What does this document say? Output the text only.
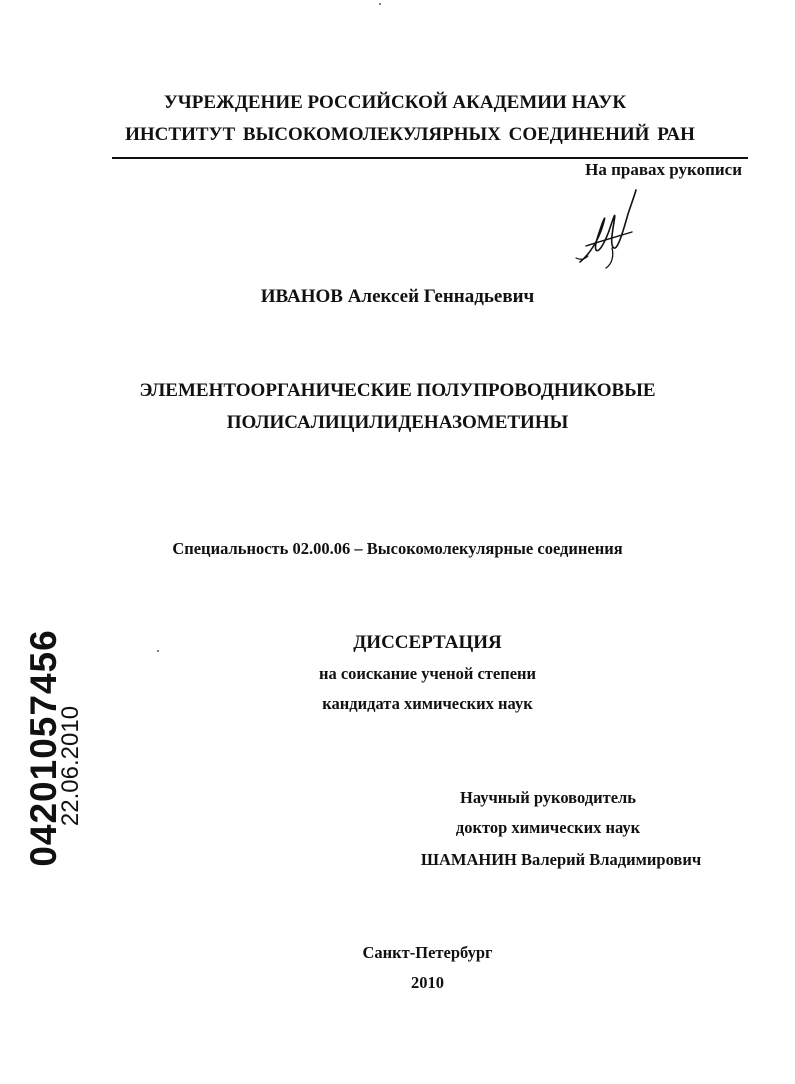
УЧРЕЖДЕНИЕ РОССИЙСКОЙ АКАДЕМИИ НАУК
ИНСТИТУТ ВЫСОКОМОЛЕКУЛЯРНЫХ СОЕДИНЕНИЙ РАН
На правах рукописи
ИВАНОВ Алексей Геннадьевич
ЭЛЕМЕНТООРГАНИЧЕСКИЕ ПОЛУПРОВОДНИКОВЫЕ
ПОЛИСАЛИЦИЛИДЕНАЗОМЕТИНЫ
Специальность 02.00.06 – Высокомолекулярные соединения
ДИССЕРТАЦИЯ
на соискание ученой степени
кандидата химических наук
Научный руководитель
доктор химических наук
ШАМАНИН Валерий Владимирович
Санкт-Петербург
2010
04201057456
22.06.2010
